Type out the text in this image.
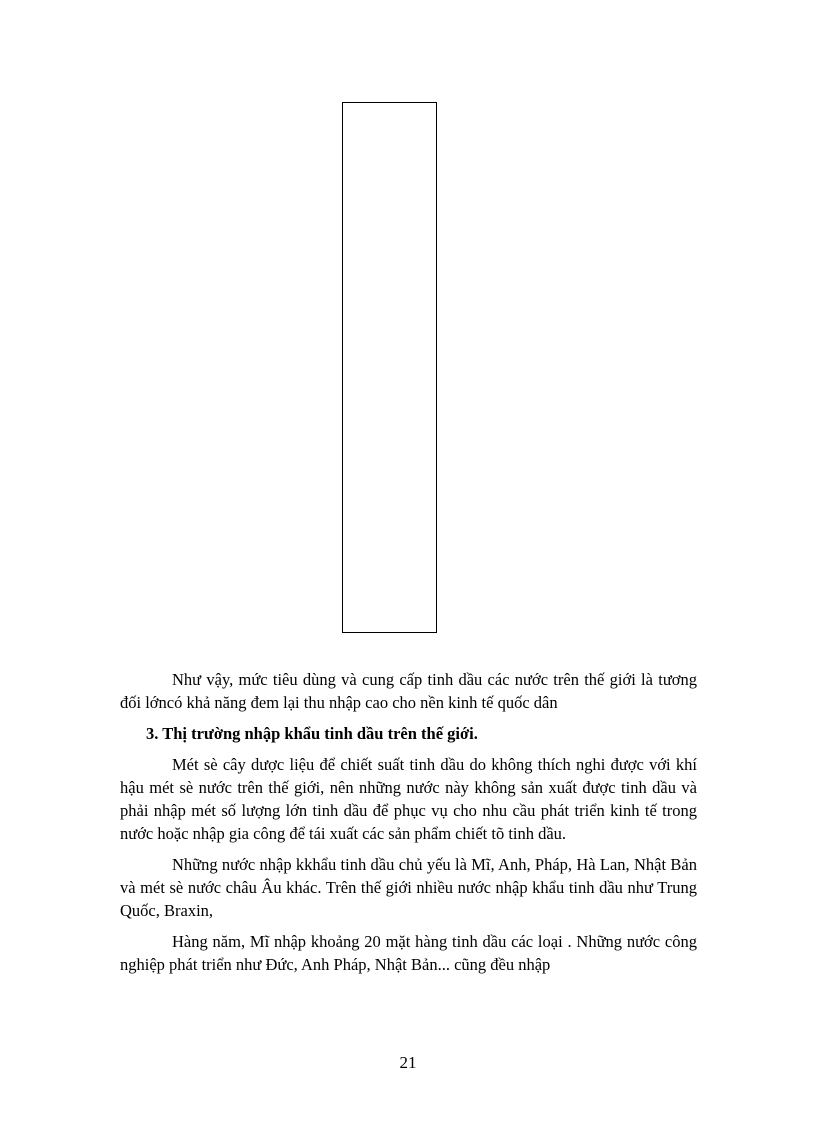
Như vậy, mức tiêu dùng và cung cấp tinh dầu các nước trên thế giới là tương đối lớncó khả năng đem lại thu nhập cao cho nền kinh tế quốc dân

3. Thị trường nhập khẩu tinh dầu trên thế giới.

Mét sè cây dược liệu để chiết suất tinh dầu do không thích nghi được với khí hậu mét sè nước trên thế giới, nên những nước này không sản xuất được tinh dầu và phải nhập mét số lượng lớn tinh dầu để phục vụ cho nhu cầu phát triển kinh tế trong nước hoặc nhập gia công để tái xuất các sản phẩm chiết tõ tinh dầu.

Những nước nhập kkhẩu tinh dầu chủ yếu là Mĩ, Anh, Pháp, Hà Lan, Nhật Bản và mét sè nước châu Âu khác. Trên thế giới nhiều nước nhập khẩu tinh dầu như Trung Quốc, Braxin,

Hàng năm, Mĩ nhập khoảng 20 mặt hàng tinh dầu các loại . Những nước công nghiệp phát triển như Đức, Anh Pháp, Nhật Bản... cũng đều nhập

21
